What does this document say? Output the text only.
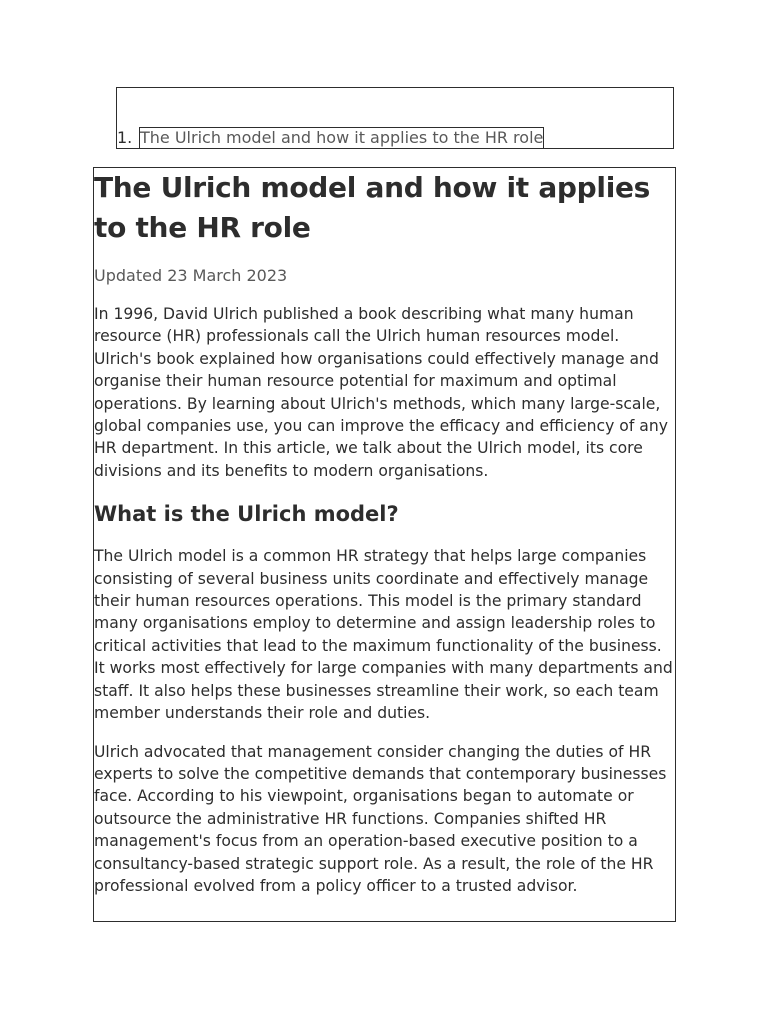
1. The Ulrich model and how it applies to the HR role
The Ulrich model and how it applies to the HR role
Updated 23 March 2023

In 1996, David Ulrich published a book describing what many human resource (HR) professionals call the Ulrich human resources model. Ulrich's book explained how organisations could effectively manage and organise their human resource potential for maximum and optimal operations. By learning about Ulrich's methods, which many large-scale, global companies use, you can improve the efficacy and efficiency of any HR department. In this article, we talk about the Ulrich model, its core divisions and its benefits to modern organisations.

What is the Ulrich model?

The Ulrich model is a common HR strategy that helps large companies consisting of several business units coordinate and effectively manage their human resources operations. This model is the primary standard many organisations employ to determine and assign leadership roles to critical activities that lead to the maximum functionality of the business. It works most effectively for large companies with many departments and staff. It also helps these businesses streamline their work, so each team member understands their role and duties.

Ulrich advocated that management consider changing the duties of HR experts to solve the competitive demands that contemporary businesses face. According to his viewpoint, organisations began to automate or outsource the administrative HR functions. Companies shifted HR management's focus from an operation-based executive position to a consultancy-based strategic support role. As a result, the role of the HR professional evolved from a policy officer to a trusted advisor.
